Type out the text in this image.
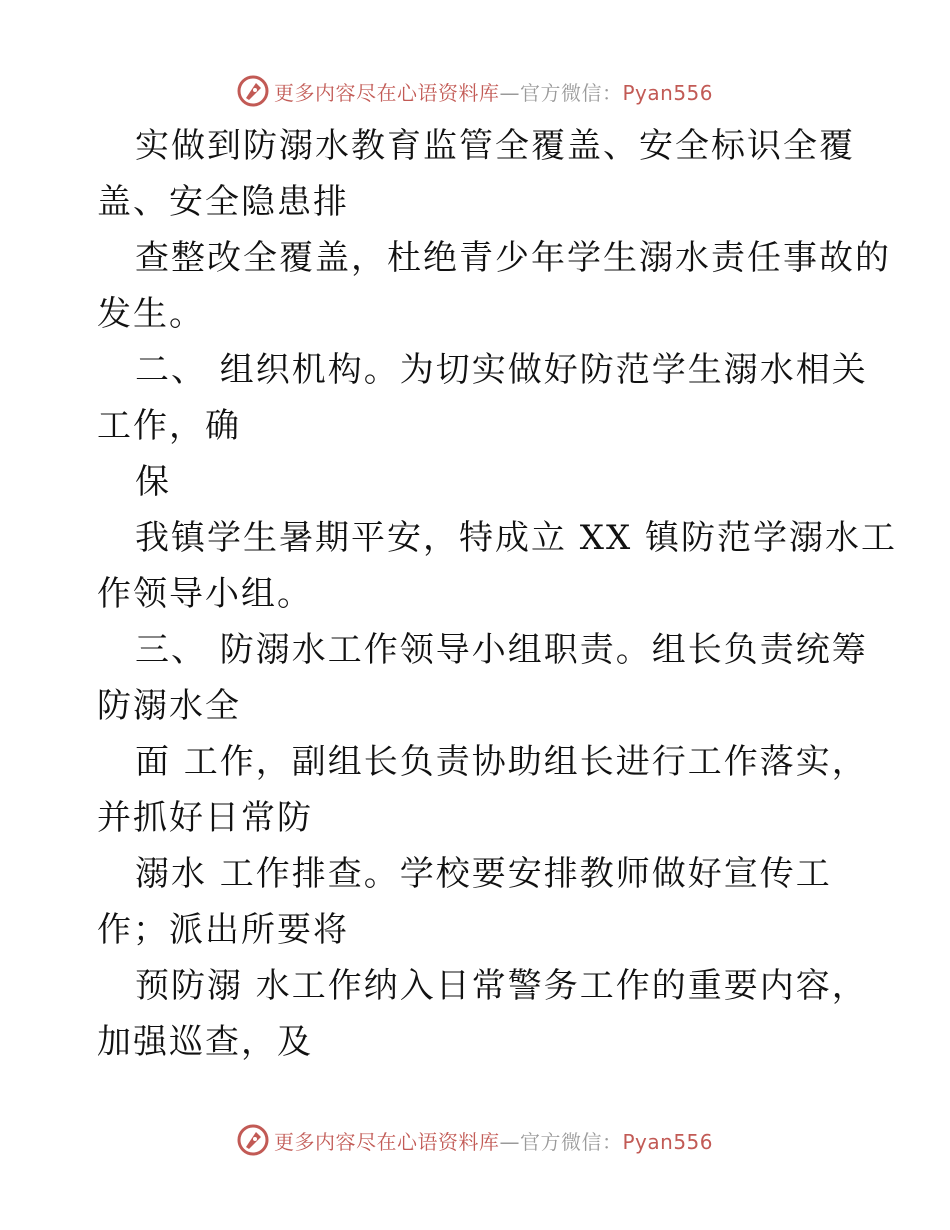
更多内容尽在心语资料库—官方微信：Pyan556

实做到防溺水教育监管全覆盖、安全标识全覆

盖、安全隐患排

查整改全覆盖，杜绝青少年学生溺水责任事故的

发生。

二、 组织机构。为切实做好防范学生溺水相关

工作，确

保

我镇学生暑期平安，特成立 XX 镇防范学溺水工

作领导小组。

三、 防溺水工作领导小组职责。组长负责统筹

防溺水全

面 工作，副组长负责协助组长进行工作落实，

并抓好日常防

溺水 工作排查。学校要安排教师做好宣传工

作；派出所要将

预防溺 水工作纳入日常警务工作的重要内容，

加强巡查，及

更多内容尽在心语资料库—官方微信：Pyan556
